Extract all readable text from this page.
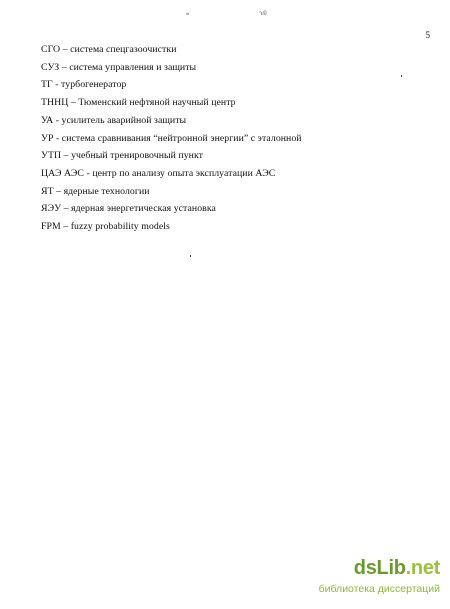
»	’ı©
5
СГО – система спецгазоочистки
СУЗ – система управления и защиты
ТГ - турбогенератор
ТННЦ – Тюменский нефтяной научный центр
УА - усилитель аварийной защиты
УР - система сравнивания “нейтронной энергии” с эталонной
УТП – учебный тренировочный пункт
ЦАЭ АЭС - центр по анализу опыта эксплуатации АЭС
ЯТ – ядерные технологии
ЯЭУ – ядерная энергетическая установка
FPM – fuzzy probability models
dsLib.net
библиотека диссертаций
